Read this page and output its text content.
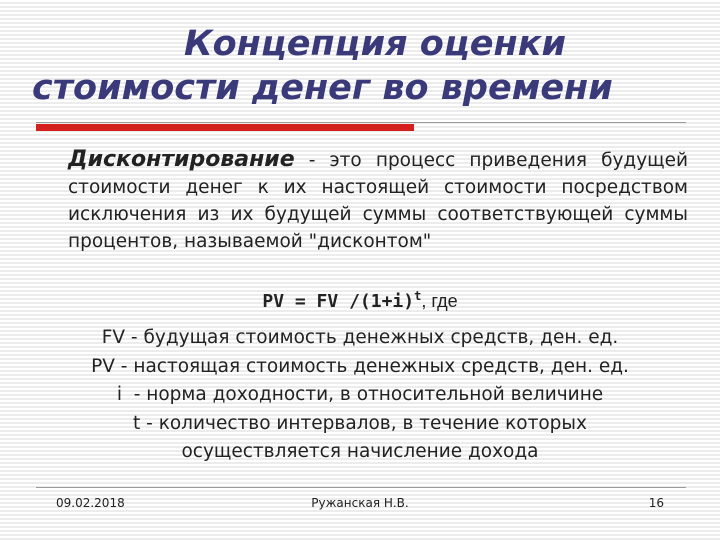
Концепция оценки
стоимости денег во времени

Дисконтирование - это процесс приведения будущей стоимости денег к их настоящей стоимости посредством исключения из их будущей суммы соответствующей суммы процентов, называемой "дисконтом"

PV = FV $/(1+i)^t$, где
FV - будущая стоимость денежных средств, ден. ед.
PV - настоящая стоимость денежных средств, ден. ед.
i  - норма доходности, в относительной величине
t - количество интервалов, в течение которых
осуществляется начисление дохода
09.02.2018	Ружанская Н.В.	16
